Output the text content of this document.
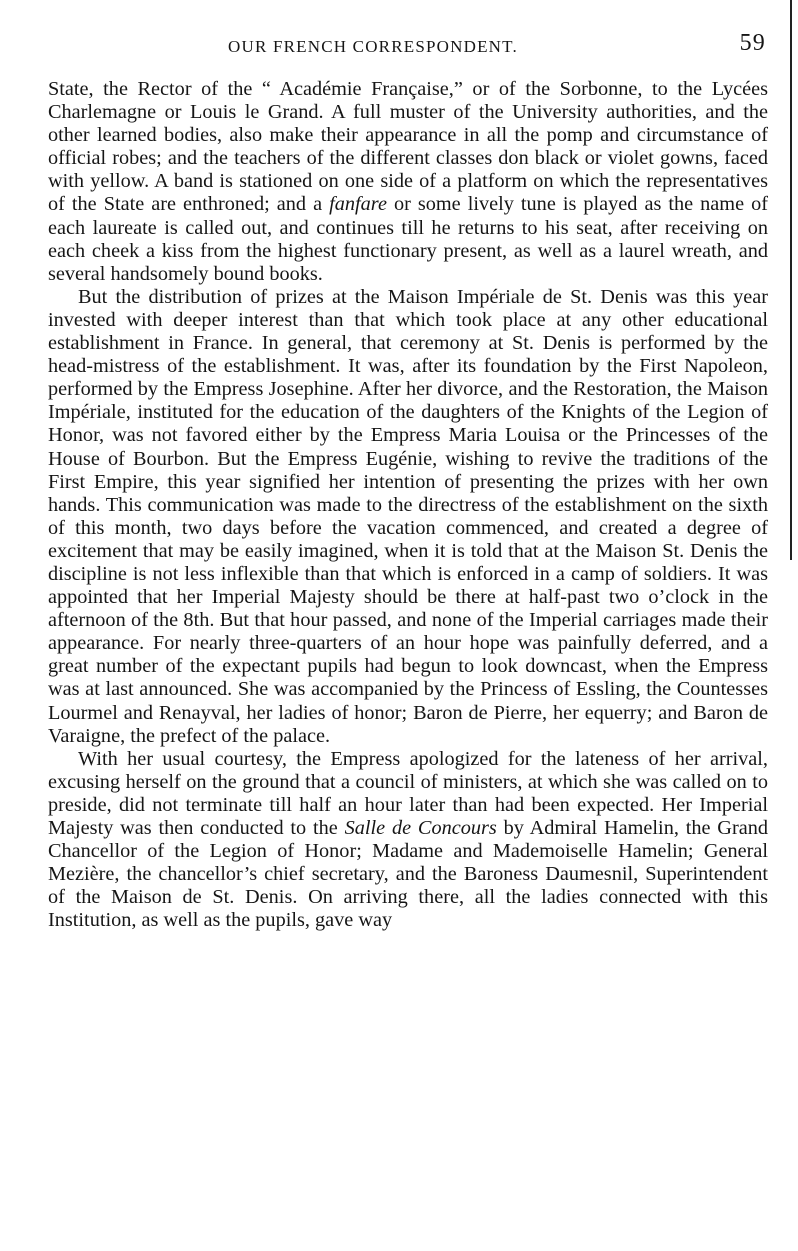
OUR FRENCH CORRESPONDENT.	59

State, the Rector of the “ Académie Française,” or of the Sorbonne, to the Lycées Charlemagne or Louis le Grand. A full muster of the University authorities, and the other learned bodies, also make their appearance in all the pomp and circumstance of official robes; and the teachers of the different classes don black or violet gowns, faced with yellow. A band is stationed on one side of a platform on which the representatives of the State are enthroned; and a fanfare or some lively tune is played as the name of each laureate is called out, and continues till he returns to his seat, after receiving on each cheek a kiss from the highest functionary present, as well as a laurel wreath, and several handsomely bound books.

But the distribution of prizes at the Maison Impériale de St. Denis was this year invested with deeper interest than that which took place at any other educational establishment in France. In general, that ceremony at St. Denis is performed by the head-mistress of the establishment. It was, after its foundation by the First Napoleon, performed by the Empress Josephine. After her divorce, and the Restoration, the Maison Impériale, instituted for the education of the daughters of the Knights of the Legion of Honor, was not favored either by the Empress Maria Louisa or the Princesses of the House of Bourbon. But the Empress Eugénie, wishing to revive the traditions of the First Empire, this year signified her intention of presenting the prizes with her own hands. This communication was made to the directress of the establishment on the sixth of this month, two days before the vacation commenced, and created a degree of excitement that may be easily imagined, when it is told that at the Maison St. Denis the discipline is not less inflexible than that which is enforced in a camp of soldiers. It was appointed that her Imperial Majesty should be there at half-past two o’clock in the afternoon of the 8th. But that hour passed, and none of the Imperial carriages made their appearance. For nearly three-quarters of an hour hope was painfully deferred, and a great number of the expectant pupils had begun to look downcast, when the Empress was at last announced. She was accompanied by the Princess of Essling, the Countesses Lourmel and Renayval, her ladies of honor; Baron de Pierre, her equerry; and Baron de Varaigne, the prefect of the palace.

With her usual courtesy, the Empress apologized for the lateness of her arrival, excusing herself on the ground that a council of ministers, at which she was called on to preside, did not terminate till half an hour later than had been expected. Her Imperial Majesty was then conducted to the Salle de Concours by Admiral Hamelin, the Grand Chancellor of the Legion of Honor; Madame and Mademoiselle Hamelin; General Mezière, the chancellor’s chief secretary, and the Baroness Daumesnil, Superintendent of the Maison de St. Denis. On arriving there, all the ladies connected with this Institution, as well as the pupils, gave way
